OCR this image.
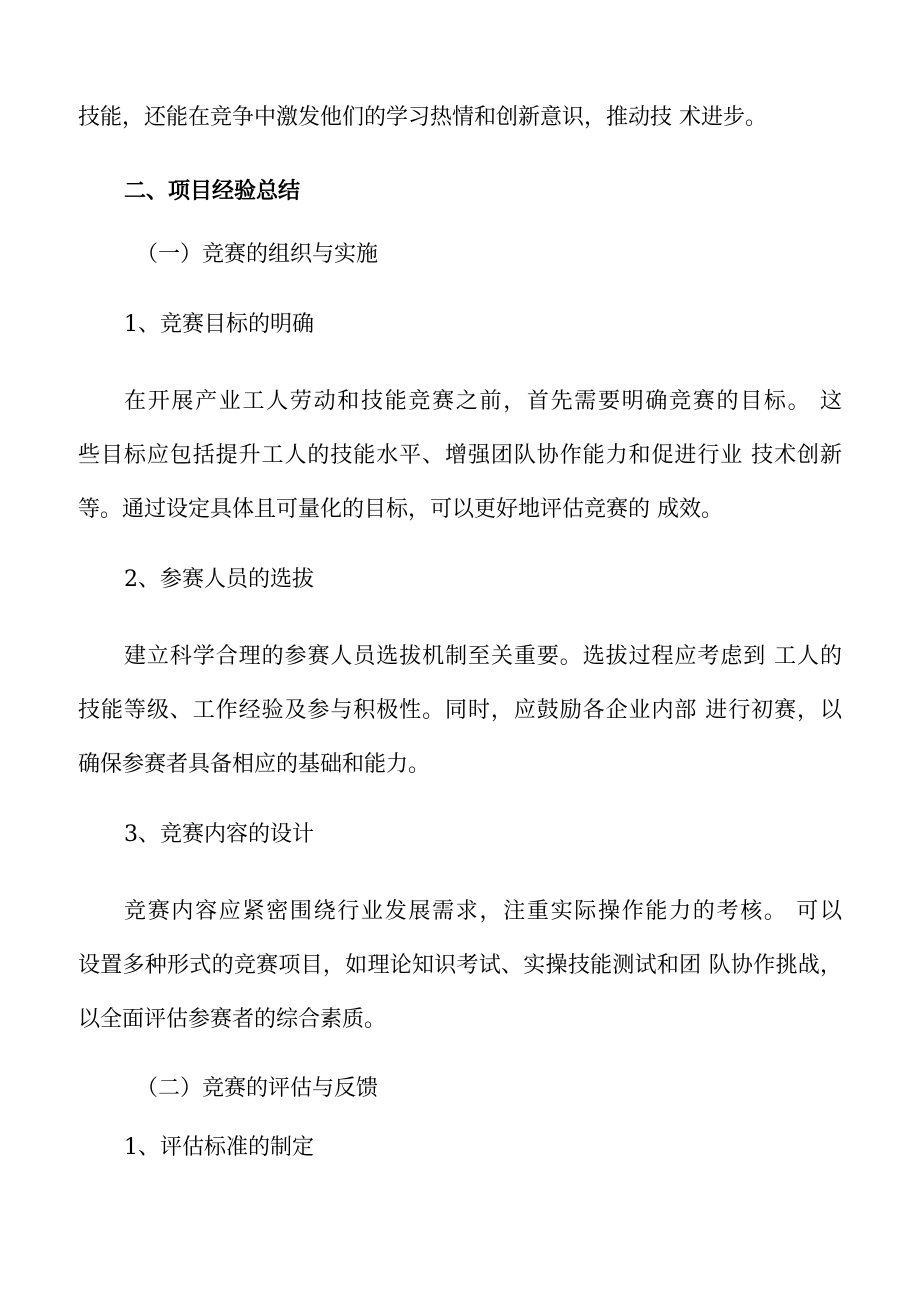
技能，还能在竞争中激发他们的学习热情和创新意识，推动技 术进步。
二、项目经验总结
（一）竞赛的组织与实施
1、竞赛目标的明确
在开展产业工人劳动和技能竞赛之前，首先需要明确竞赛的目标。 这
些目标应包括提升工人的技能水平、增强团队协作能力和促进行业 技术创新
等。通过设定具体且可量化的目标，可以更好地评估竞赛的 成效。
2、参赛人员的选拔
建立科学合理的参赛人员选拔机制至关重要。选拔过程应考虑到 工人的
技能等级、工作经验及参与积极性。同时，应鼓励各企业内部 进行初赛，以
确保参赛者具备相应的基础和能力。
3、竞赛内容的设计
竞赛内容应紧密围绕行业发展需求，注重实际操作能力的考核。 可以
设置多种形式的竞赛项目，如理论知识考试、实操技能测试和团 队协作挑战，
以全面评估参赛者的综合素质。
（二）竞赛的评估与反馈
1、评估标准的制定
